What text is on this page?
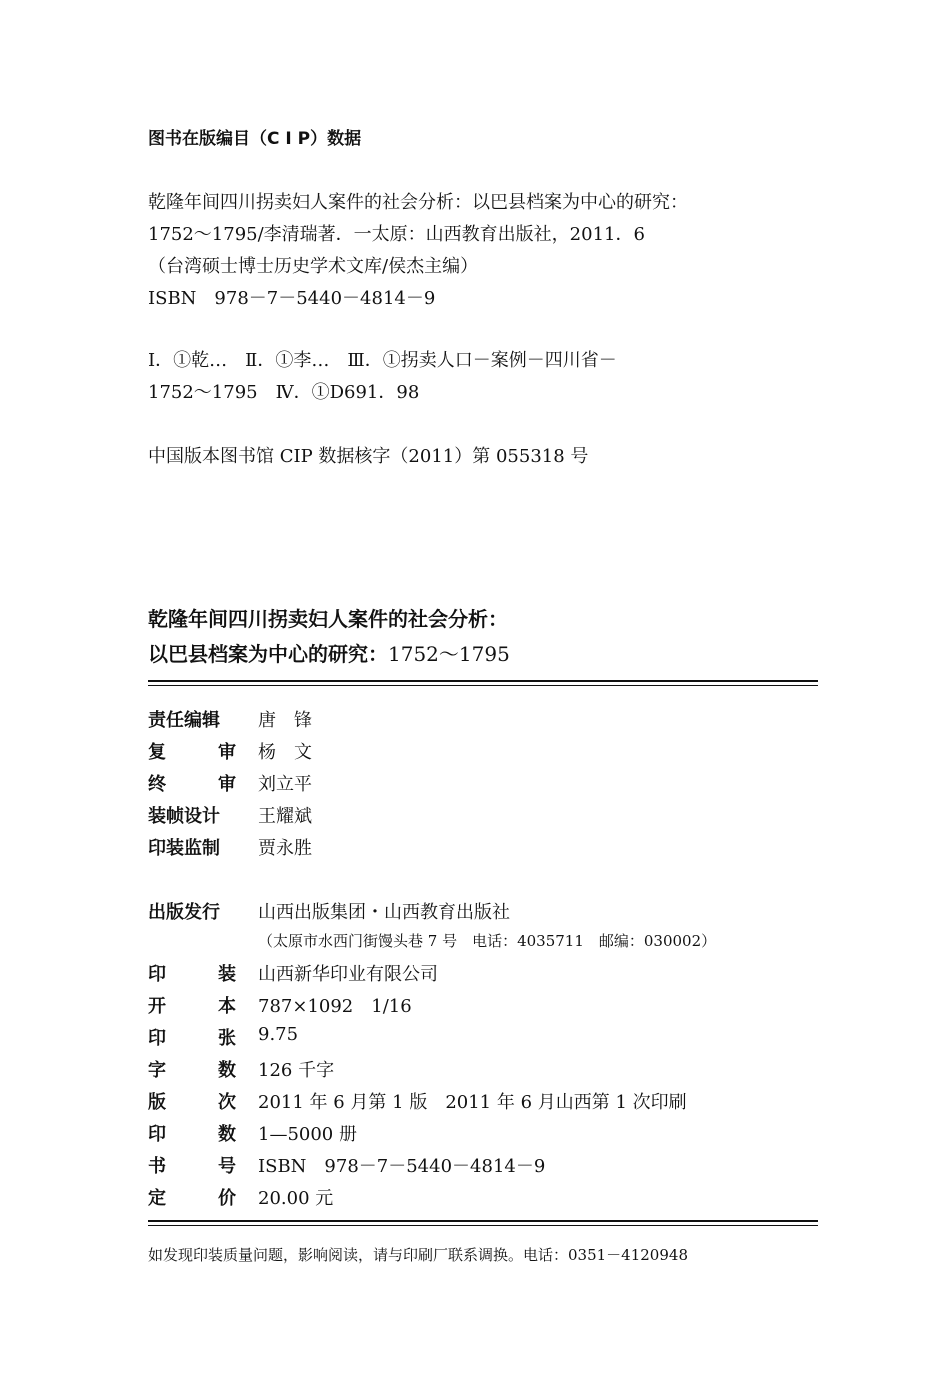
图书在版编目（C I P）数据
乾隆年间四川拐卖妇人案件的社会分析：以巴县档案为中心的研究：
1752～1795/李清瑞著．一太原：山西教育出版社，2011．6
（台湾硕士博士历史学术文库/侯杰主编）
ISBN　978－7－5440－4814－9
Ⅰ．①乾…　Ⅱ．①李…　Ⅲ．①拐卖人口－案例－四川省－
1752～1795　Ⅳ．①D691．98
中国版本图书馆 CIP 数据核字（2011）第 055318 号
乾隆年间四川拐卖妇人案件的社会分析：
以巴县档案为中心的研究：1752～1795
责任编辑	唐　锋
复	审 杨　文
终	审 刘立平
装帧设计	王耀斌
印装监制	贾永胜
出版发行	山西出版集团・山西教育出版社
（太原市水西门街馒头巷 7 号　电话：4035711　邮编：030002）
印	装 山西新华印业有限公司
开	本 787×1092　1/16
印	张 9.75
字	数 126 千字
版	次 2011 年 6 月第 1 版　2011 年 6 月山西第 1 次印刷
印	数 1—5000 册
书	号 ISBN　978－7－5440－4814－9
定	价 20.00 元
如发现印装质量问题，影响阅读，请与印刷厂联系调换。电话：0351－4120948
